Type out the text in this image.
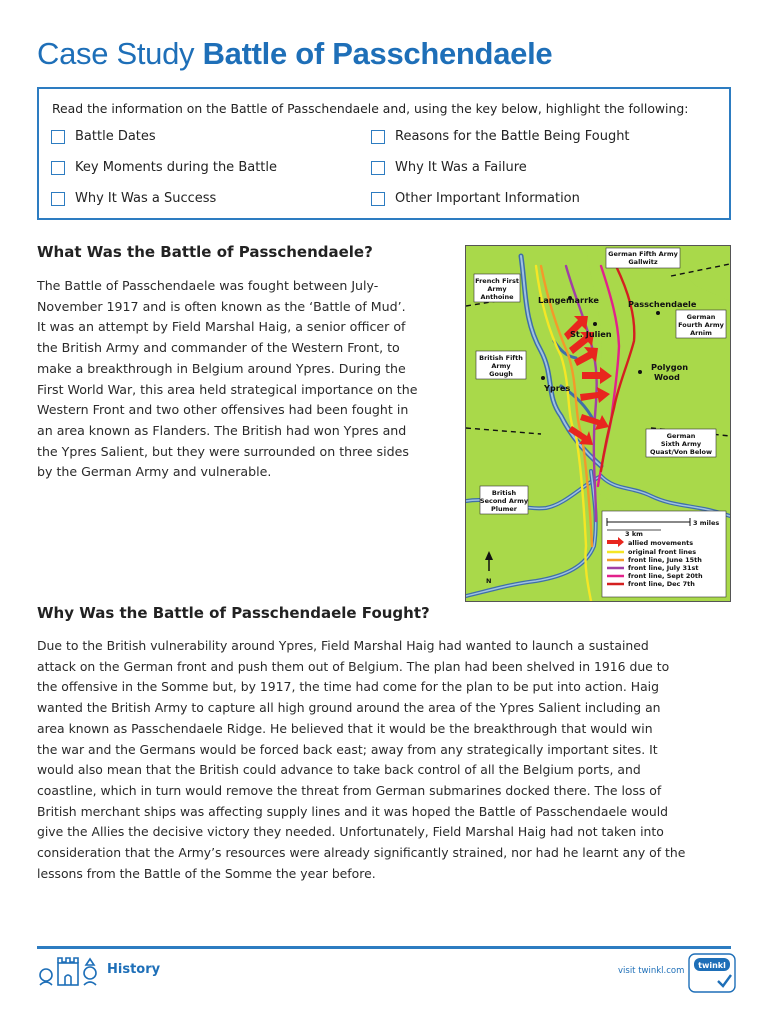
Case Study Battle of Passchendaele
Read the information on the Battle of Passchendaele and, using the key below, highlight the following:
Battle Dates	Reasons for the Battle Being Fought
Key Moments during the Battle	Why It Was a Failure
Why It Was a Success	Other Important Information
What Was the Battle of Passchendaele?
The Battle of Passchendaele was fought between July-
November 1917 and is often known as the ‘Battle of Mud’.
It was an attempt by Field Marshal Haig, a senior officer of
the British Army and commander of the Western Front, to
make a breakthrough in Belgium around Ypres. During the
First World War, this area held strategical importance on the
Western Front and two other offensives had been fought in
an area known as Flanders. The British had won Ypres and
the Ypres Salient, but they were surrounded on three sides
by the German Army and vulnerable.
Langemarrke	Passchendaele
St. Julien
Polygon
Wood
Ypres
German Fifth Army
Gallwitz
French First
Army
Anthoine
German
Fourth Army
Arnim
British Fifth
Army
Gough
German
Sixth Army
Quast/Von Below
British
Second Army
Plumer
3 miles
3 km
allied movements
original front lines
front line, June 15th
front line, July 31st
front line, Sept 20th
front line, Dec 7th
N
Why Was the Battle of Passchendaele Fought?
Due to the British vulnerability around Ypres, Field Marshal Haig had wanted to launch a sustained
attack on the German front and push them out of Belgium. The plan had been shelved in 1916 due to
the offensive in the Somme but, by 1917, the time had come for the plan to be put into action. Haig
wanted the British Army to capture all high ground around the area of the Ypres Salient including an
area known as Passchendaele Ridge. He believed that it would be the breakthrough that would win
the war and the Germans would be forced back east; away from any strategically important sites. It
would also mean that the British could advance to take back control of all the Belgium ports, and
coastline, which in turn would remove the threat from German submarines docked there. The loss of
British merchant ships was affecting supply lines and it was hoped the Battle of Passchendaele would
give the Allies the decisive victory they needed. Unfortunately, Field Marshal Haig had not taken into
consideration that the Army’s resources were already significantly strained, nor had he learnt any of the
lessons from the Battle of the Somme the year before.
History	visit twinkl.com
twinkl
